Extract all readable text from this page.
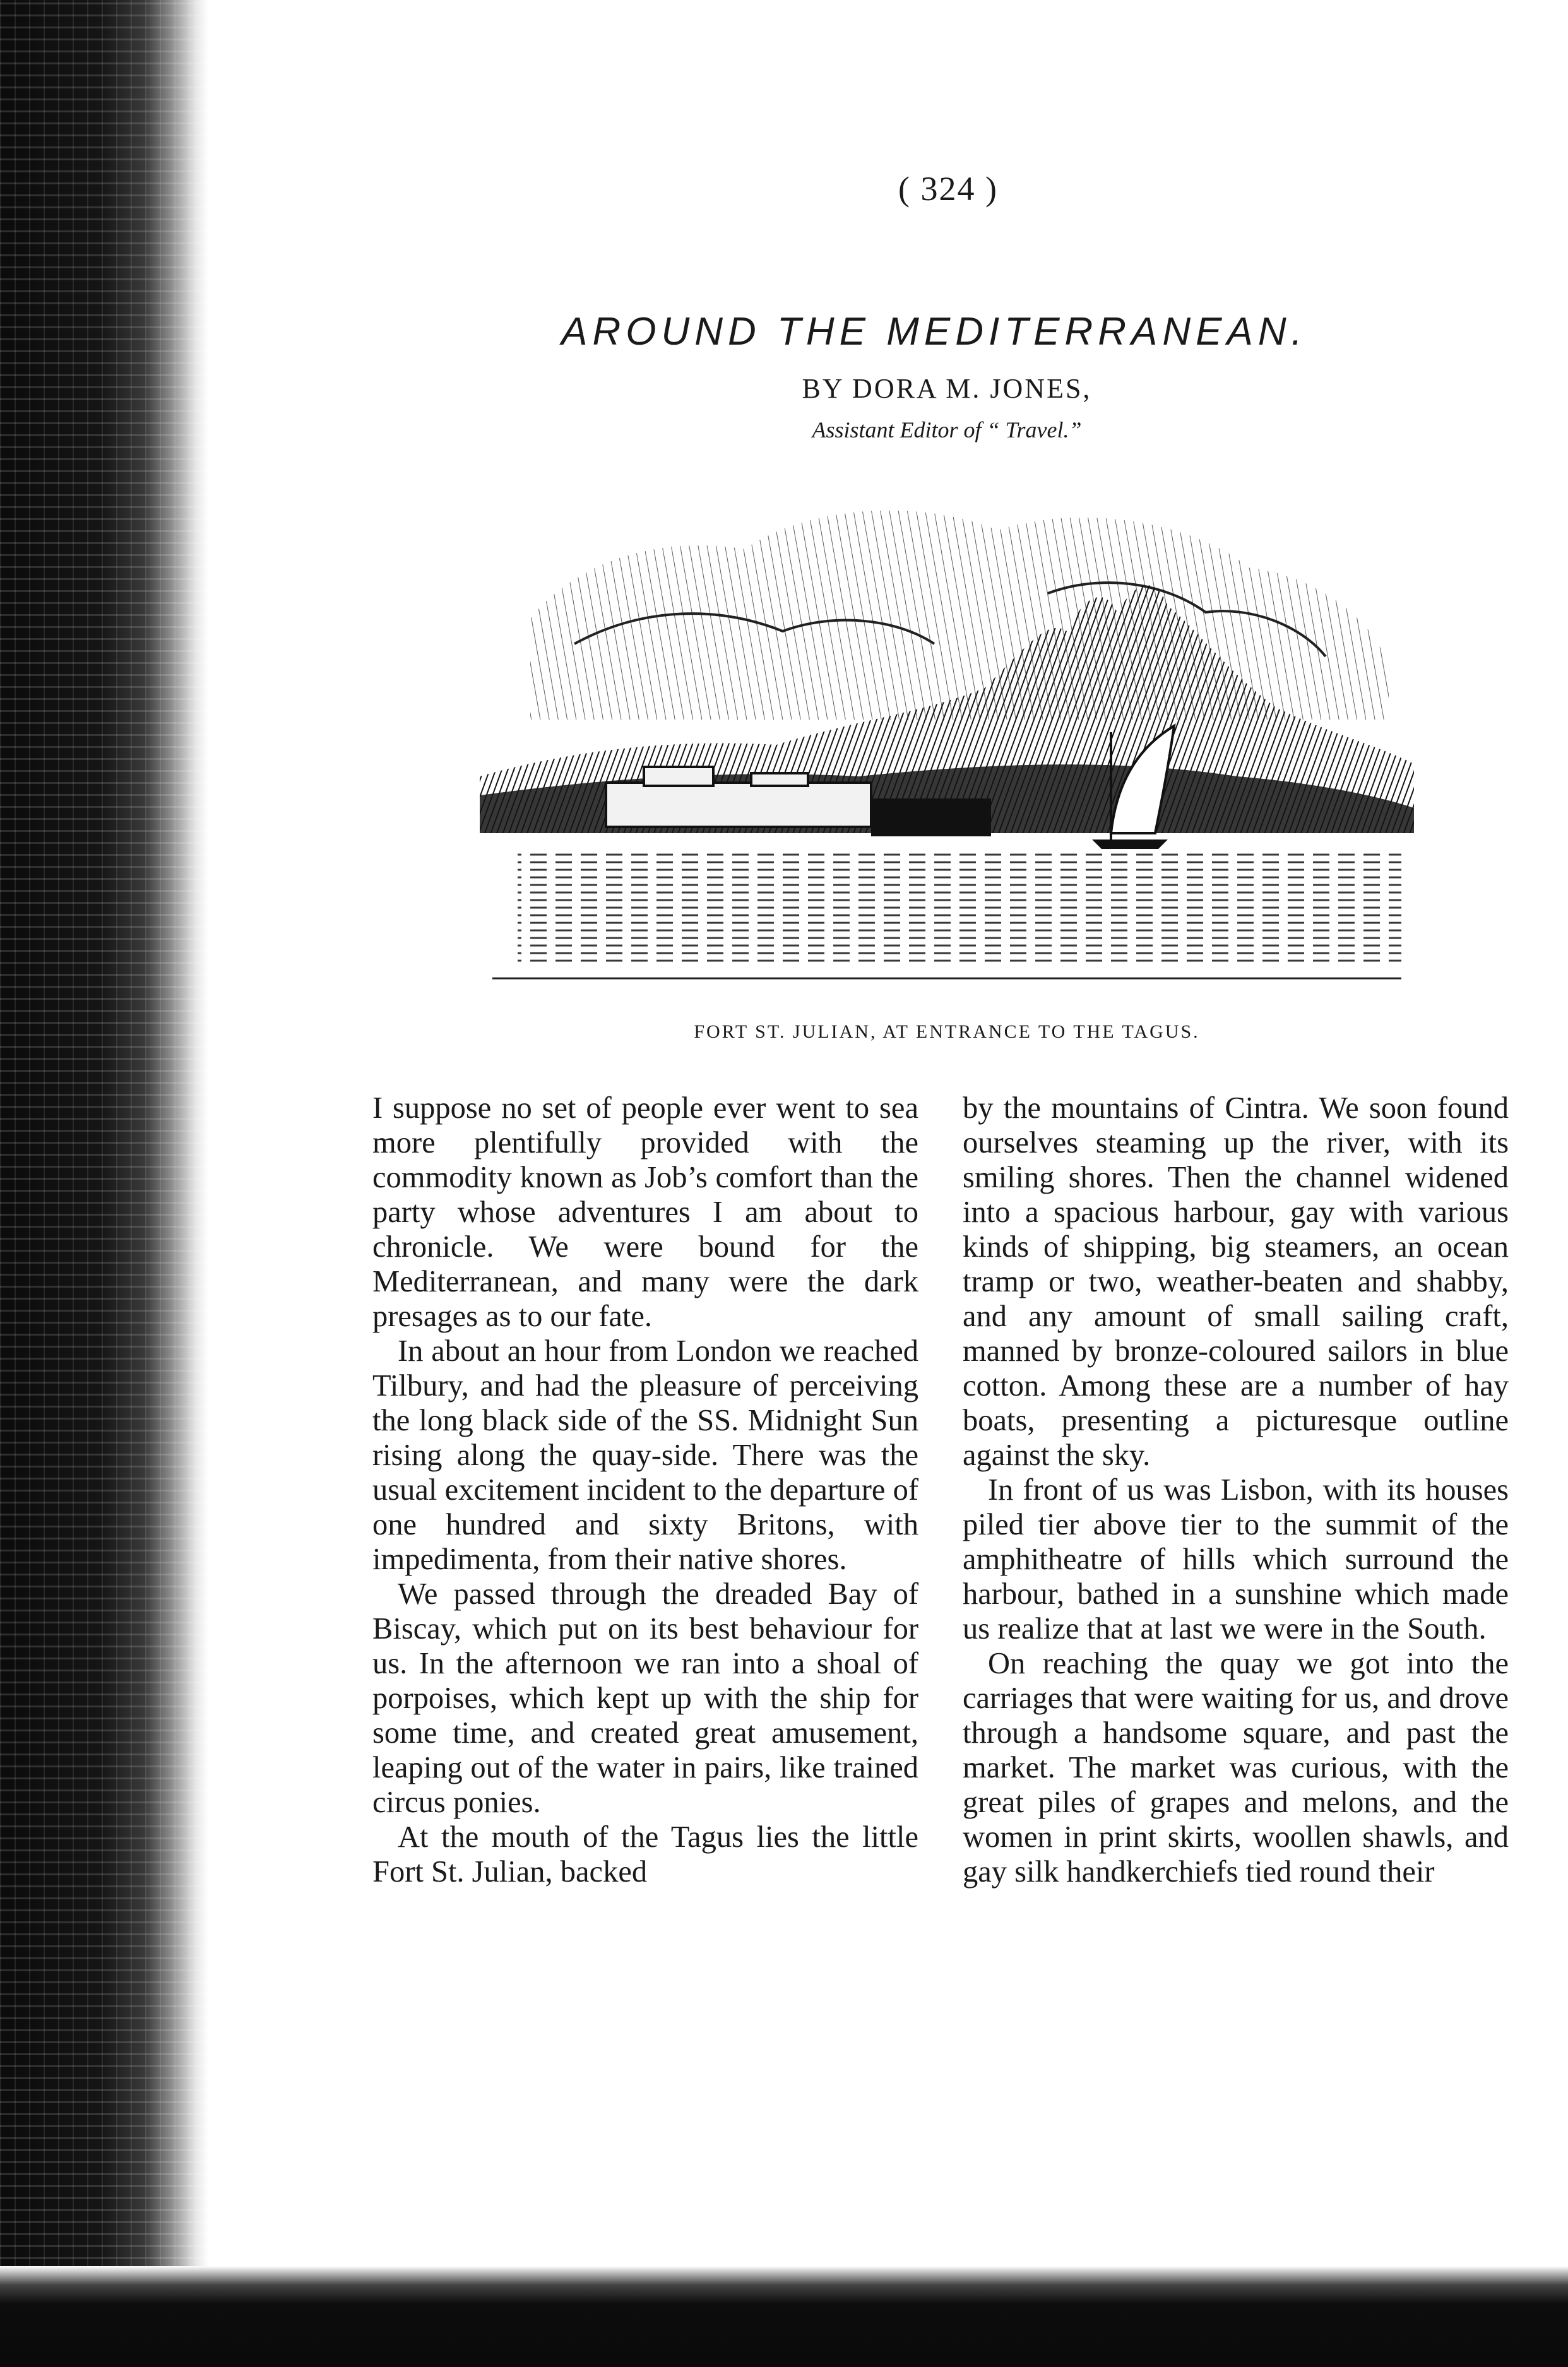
( 324 )
AROUND THE MEDITERRANEAN.
BY DORA M. JONES,
Assistant Editor of “ Travel.”
FORT ST. JULIAN, AT ENTRANCE TO THE TAGUS.

I suppose no set of people ever went to sea more plentifully provided with the commodity known as Job’s comfort than the party whose adventures I am about to chronicle. We were bound for the Mediterranean, and many were the dark presages as to our fate.

In about an hour from London we reached Tilbury, and had the pleasure of perceiving the long black side of the SS. Midnight Sun rising along the quay-side. There was the usual excitement incident to the departure of one hundred and sixty Britons, with impedimenta, from their native shores.

We passed through the dreaded Bay of Biscay, which put on its best behaviour for us. In the afternoon we ran into a shoal of porpoises, which kept up with the ship for some time, and created great amusement, leaping out of the water in pairs, like trained circus ponies.

At the mouth of the Tagus lies the little Fort St. Julian, backed

by the mountains of Cintra. We soon found ourselves steaming up the river, with its smiling shores. Then the channel widened into a spacious harbour, gay with various kinds of shipping, big steamers, an ocean tramp or two, weather-beaten and shabby, and any amount of small sailing craft, manned by bronze-coloured sailors in blue cotton. Among these are a number of hay boats, presenting a picturesque outline against the sky.

In front of us was Lisbon, with its houses piled tier above tier to the summit of the amphitheatre of hills which surround the harbour, bathed in a sunshine which made us realize that at last we were in the South.

On reaching the quay we got into the carriages that were waiting for us, and drove through a handsome square, and past the market. The market was curious, with the great piles of grapes and melons, and the women in print skirts, woollen shawls, and gay silk handkerchiefs tied round their
